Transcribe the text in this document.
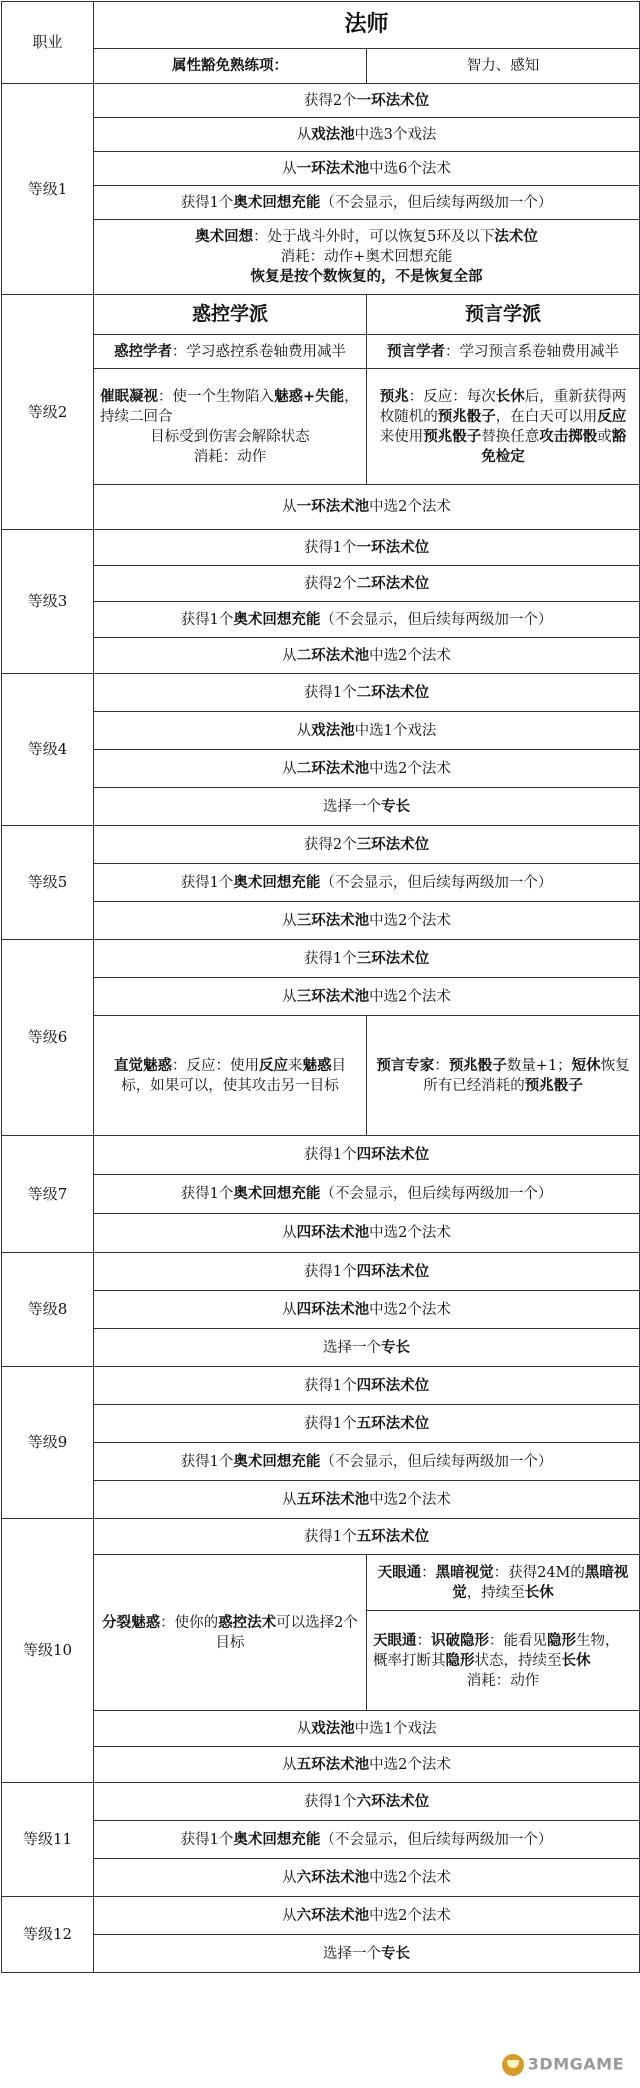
职业	法师	
	属性豁免熟练项：	智力、感知
等级1	获得2个一环法术位	
	从戏法池中选3个戏法	
	从一环法术池中选6个法术	
	获得1个奥术回想充能（不会显示，但后续每两级加一个）	

	奥术回想：处于战斗外时，可以恢复5环及以下法术位
消耗：动作+奥术回想充能
恢复是按个数恢复的，不是恢复全部	

等级2	惑控学派	预言学派
	惑控学者：学习惑控系卷轴费用减半	预言学者：学习预言系卷轴费用减半

	催眠凝视：使一个生物陷入魅惑+失能，持续二回合
目标受到伤害会解除状态
消耗：动作	预兆：反应：每次长休后，重新获得两枚随机的预兆骰子，在白天可以用反应来使用预兆骰子替换任意攻击掷骰或豁免检定
	从一环法术池中选2个法术	
等级3	获得1个一环法术位	
	获得2个二环法术位	
	获得1个奥术回想充能（不会显示，但后续每两级加一个）	
	从二环法术池中选2个法术	
等级4	获得1个二环法术位	
	从戏法池中选1个戏法	
	从二环法术池中选2个法术	
	选择一个专长	
等级5	获得2个三环法术位	
	获得1个奥术回想充能（不会显示，但后续每两级加一个）	
	从三环法术池中选2个法术	
等级6	获得1个三环法术位	
	从三环法术池中选2个法术	
	直觉魅惑：反应：使用反应来魅惑目标，如果可以，使其攻击另一目标	预言专家：预兆骰子数量+1；短休恢复所有已经消耗的预兆骰子
等级7	获得1个四环法术位	
	获得1个奥术回想充能（不会显示，但后续每两级加一个）	
	从四环法术池中选2个法术	
等级8	获得1个四环法术位	
	从四环法术池中选2个法术	
	选择一个专长	
等级9	获得1个四环法术位	
	获得1个五环法术位	
	获得1个奥术回想充能（不会显示，但后续每两级加一个）	
	从五环法术池中选2个法术	
等级10	获得1个五环法术位	
	分裂魅惑：使你的惑控法术可以选择2个目标	天眼通：黑暗视觉：获得24M的黑暗视觉，持续至长休

		天眼通：识破隐形：能看见隐形生物，概率打断其隐形状态，持续至长休
消耗：动作

	从戏法池中选1个戏法	
	从五环法术池中选2个法术	
等级11	获得1个六环法术位	
	获得1个奥术回想充能（不会显示，但后续每两级加一个）	
	从六环法术池中选2个法术	
等级12	从六环法术池中选2个法术	
	选择一个专长	
3DMGAME
